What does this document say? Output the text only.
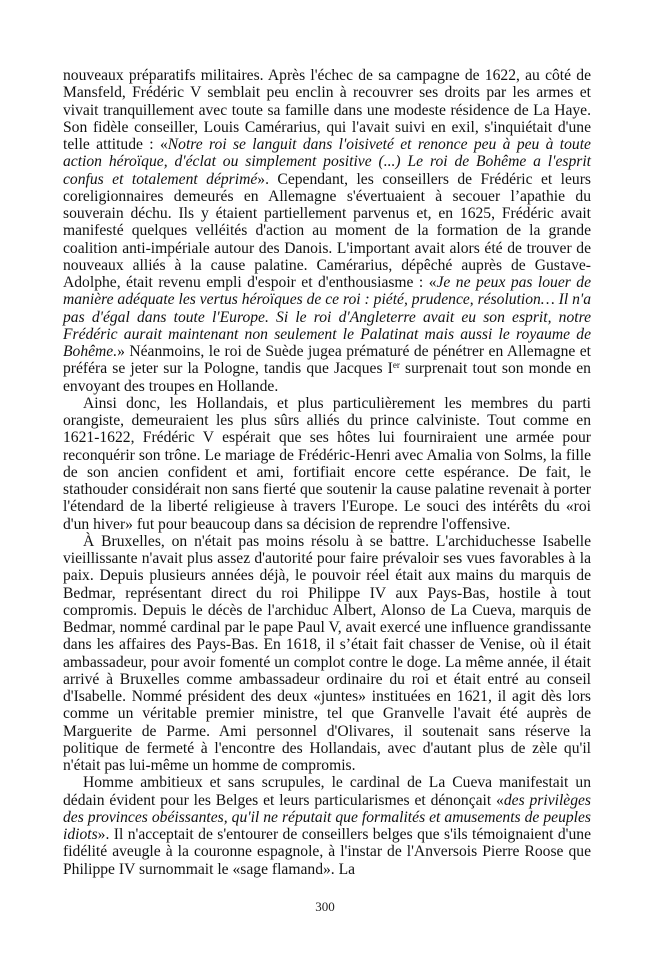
nouveaux préparatifs militaires. Après l'échec de sa campagne de 1622, au côté de Mansfeld, Frédéric V semblait peu enclin à recouvrer ses droits par les armes et vivait tranquillement avec toute sa famille dans une modeste résidence de La Haye. Son fidèle conseiller, Louis Camérarius, qui l'avait suivi en exil, s'inquiétait d'une telle attitude : «Notre roi se languit dans l'oisiveté et renonce peu à peu à toute action héroïque, d'éclat ou simplement positive (...) Le roi de Bohême a l'esprit confus et totalement déprimé». Cependant, les conseillers de Frédéric et leurs coreligionnaires demeurés en Allemagne s'évertuaient à secouer l’apathie du souverain déchu. Ils y étaient partiellement parvenus et, en 1625, Frédéric avait manifesté quelques velléités d'action au moment de la formation de la grande coalition anti-impériale autour des Danois. L'important avait alors été de trouver de nouveaux alliés à la cause palatine. Camérarius, dépêché auprès de Gustave-Adolphe, était revenu empli d'espoir et d'enthousiasme : «Je ne peux pas louer de manière adéquate les vertus héroïques de ce roi : piété, prudence, résolution… Il n'a pas d'égal dans toute l'Europe. Si le roi d'Angleterre avait eu son esprit, notre Frédéric aurait maintenant non seulement le Palatinat mais aussi le royaume de Bohême.» Néanmoins, le roi de Suède jugea prématuré de pénétrer en Allemagne et préféra se jeter sur la Pologne, tandis que Jacques Ier surprenait tout son monde en envoyant des troupes en Hollande.

Ainsi donc, les Hollandais, et plus particulièrement les membres du parti orangiste, demeuraient les plus sûrs alliés du prince calviniste. Tout comme en 1621-1622, Frédéric V espérait que ses hôtes lui fourniraient une armée pour reconquérir son trône. Le mariage de Frédéric-Henri avec Amalia von Solms, la fille de son ancien confident et ami, fortifiait encore cette espérance. De fait, le stathouder considérait non sans fierté que soutenir la cause palatine revenait à porter l'étendard de la liberté religieuse à travers l'Europe. Le souci des intérêts du «roi d'un hiver» fut pour beaucoup dans sa décision de reprendre l'offensive.

À Bruxelles, on n'était pas moins résolu à se battre. L'archiduchesse Isabelle vieillissante n'avait plus assez d'autorité pour faire prévaloir ses vues favorables à la paix. Depuis plusieurs années déjà, le pouvoir réel était aux mains du marquis de Bedmar, représentant direct du roi Philippe IV aux Pays-Bas, hostile à tout compromis. Depuis le décès de l'archiduc Albert, Alonso de La Cueva, marquis de Bedmar, nommé cardinal par le pape Paul V, avait exercé une influence grandissante dans les affaires des Pays-Bas. En 1618, il s’était fait chasser de Venise, où il était ambassadeur, pour avoir fomenté un complot contre le doge. La même année, il était arrivé à Bruxelles comme ambassadeur ordinaire du roi et était entré au conseil d'Isabelle. Nommé président des deux «juntes» instituées en 1621, il agit dès lors comme un véritable premier ministre, tel que Granvelle l'avait été auprès de Marguerite de Parme. Ami personnel d'Olivares, il soutenait sans réserve la politique de fermeté à l'encontre des Hollandais, avec d'autant plus de zèle qu'il n'était pas lui-même un homme de compromis.

Homme ambitieux et sans scrupules, le cardinal de La Cueva manifestait un dédain évident pour les Belges et leurs particularismes et dénonçait «des privilèges des provinces obéissantes, qu'il ne réputait que formalités et amusements de peuples idiots». Il n'acceptait de s'entourer de conseillers belges que s'ils témoignaient d'une fidélité aveugle à la couronne espagnole, à l'instar de l'Anversois Pierre Roose que Philippe IV surnommait le «sage flamand». La

300
